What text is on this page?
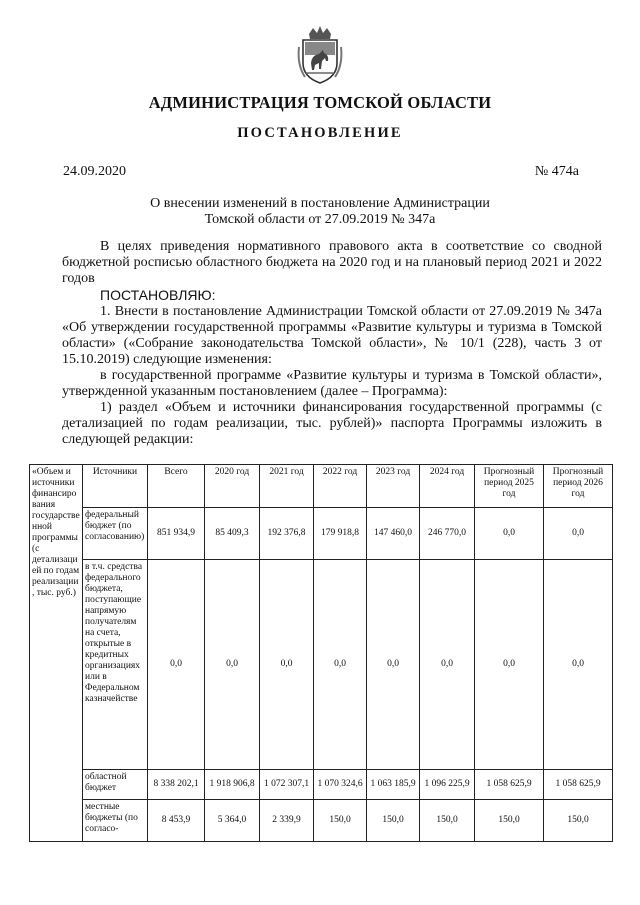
АДМИНИСТРАЦИЯ ТОМСКОЙ ОБЛАСТИ
ПОСТАНОВЛЕНИЕ
24.09.2020	№ 474а
О внесении изменений в постановление Администрации
Томской области от 27.09.2019 № 347а

В целях приведения нормативного правового акта в соответствие со сводной бюджетной росписью областного бюджета на 2020 год и на плановый период 2021 и 2022 годов

ПОСТАНОВЛЯЮ:

1. Внести в постановление Администрации Томской области от 27.09.2019 № 347а «Об утверждении государственной программы «Развитие культуры и туризма в Томской области» («Собрание законодательства Томской области», № 10/1 (228), часть 3 от 15.10.2019) следующие изменения:

в государственной программе «Развитие культуры и туризма в Томской области», утвержденной указанным постановлением (далее – Программа):

1) раздел «Объем и источники финансирования государственной программы (с детализацией по годам реализации, тыс. рублей)» паспорта Программы изложить в следующей редакции:

«Объем и источники финансирования государственной программы (с детализацией по годам реализации, тыс. руб.)	Источники	Всего	2020 год	2021 год	2022 год	2023 год	2024 год	Прогнозный период 2025 год	Прогнозный период 2026 год
	федеральный бюджет (по согласованию)	851 934,9	85 409,3	192 376,8	179 918,8	147 460,0	246 770,0	0,0	0,0
	в т.ч. средства федерального бюджета, поступающие напрямую получателям на счета, открытые в кредитных организациях или в Федеральном казначействе	0,0	0,0	0,0	0,0	0,0	0,0	0,0	0,0
	областной бюджет	8 338 202,1	1 918 906,8	1 072 307,1	1 070 324,6	1 063 185,9	1 096 225,9	1 058 625,9	1 058 625,9
	местные бюджеты (по согласо-	8 453,9	5 364,0	2 339,9	150,0	150,0	150,0	150,0	150,0
